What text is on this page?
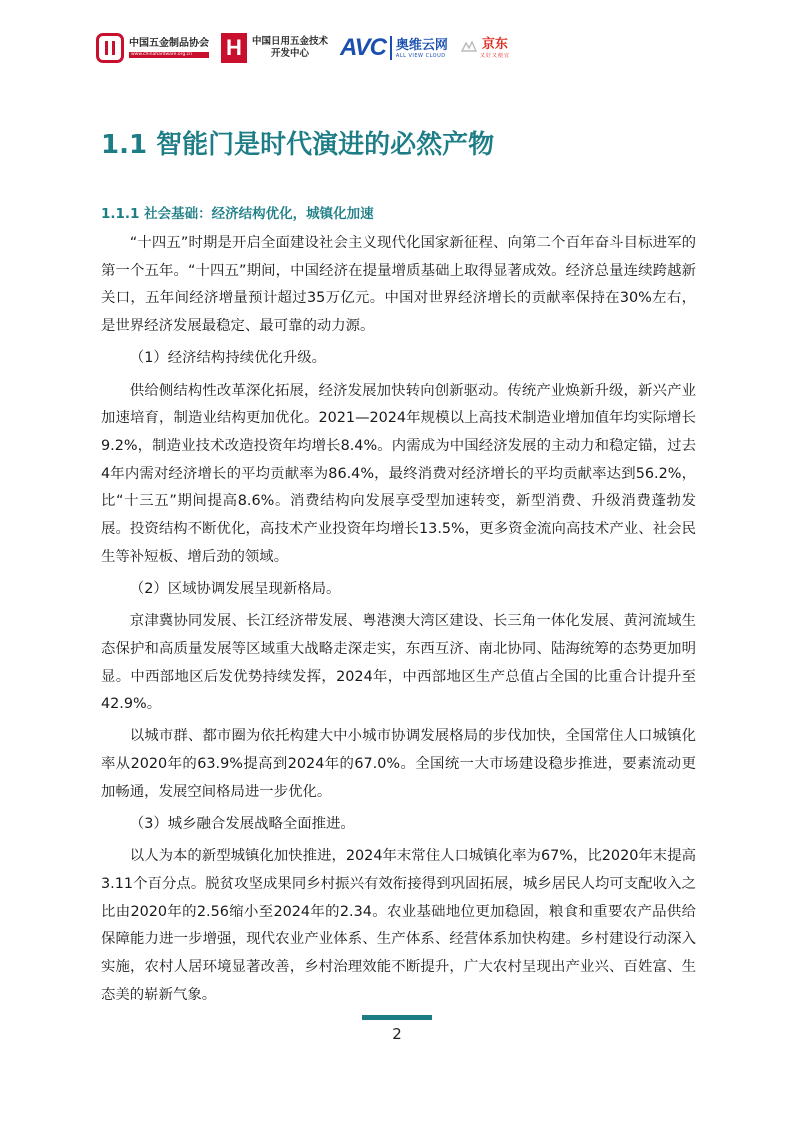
中国五金制品协会
www.chinahardware.org.cn	H	中国日用五金技术
开发中心	AVC 奥维云网
ALL VIEW CLOUD
京东
又好又便宜
1.1 智能门是时代演进的必然产物
1.1.1 社会基础：经济结构优化，城镇化加速

“十四五”时期是开启全面建设社会主义现代化国家新征程、向第二个百年奋斗目标进军的第一个五年。“十四五”期间，中国经济在提量增质基础上取得显著成效。经济总量连续跨越新关口，五年间经济增量预计超过35万亿元。中国对世界经济增长的贡献率保持在30%左右，是世界经济发展最稳定、最可靠的动力源。

（1）经济结构持续优化升级。

供给侧结构性改革深化拓展，经济发展加快转向创新驱动。传统产业焕新升级，新兴产业加速培育，制造业结构更加优化。2021—2024年规模以上高技术制造业增加值年均实际增长9.2%，制造业技术改造投资年均增长8.4%。内需成为中国经济发展的主动力和稳定锚，过去4年内需对经济增长的平均贡献率为86.4%，最终消费对经济增长的平均贡献率达到56.2%，比“十三五”期间提高8.6%。消费结构向发展享受型加速转变，新型消费、升级消费蓬勃发展。投资结构不断优化，高技术产业投资年均增长13.5%，更多资金流向高技术产业、社会民生等补短板、增后劲的领域。

（2）区域协调发展呈现新格局。

京津冀协同发展、长江经济带发展、粤港澳大湾区建设、长三角一体化发展、黄河流域生态保护和高质量发展等区域重大战略走深走实，东西互济、南北协同、陆海统筹的态势更加明显。中西部地区后发优势持续发挥，2024年，中西部地区生产总值占全国的比重合计提升至42.9%。

以城市群、都市圈为依托构建大中小城市协调发展格局的步伐加快，全国常住人口城镇化率从2020年的63.9%提高到2024年的67.0%。全国统一大市场建设稳步推进，要素流动更加畅通，发展空间格局进一步优化。

（3）城乡融合发展战略全面推进。

以人为本的新型城镇化加快推进，2024年末常住人口城镇化率为67%，比2020年末提高3.11个百分点。脱贫攻坚成果同乡村振兴有效衔接得到巩固拓展，城乡居民人均可支配收入之比由2020年的2.56缩小至2024年的2.34。农业基础地位更加稳固，粮食和重要农产品供给保障能力进一步增强，现代农业产业体系、生产体系、经营体系加快构建。乡村建设行动深入实施，农村人居环境显著改善，乡村治理效能不断提升，广大农村呈现出产业兴、百姓富、生态美的崭新气象。

2
